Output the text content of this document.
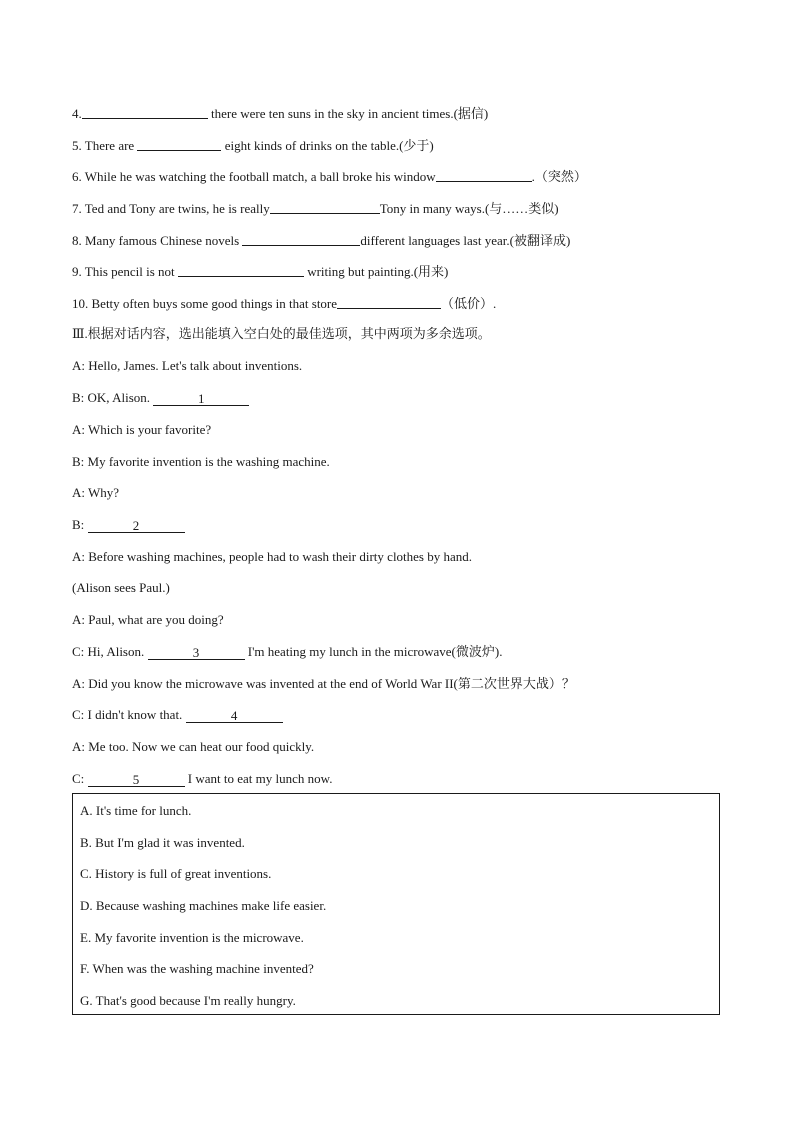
4.	there were ten suns in the sky in ancient times.(据信)
5. There are	eight kinds of drinks on the table.(少于)
6. While he was watching the football match, a ball broke his window	.（突然）
7. Ted and Tony are twins, he is really	Tony in many ways.(与……类似)
8. Many famous Chinese novels	different languages last year.(被翻译成)
9. This pencil is not	writing but painting.(用来)
10. Betty often buys some good things in that store	（低价）.
Ⅲ.根据对话内容，选出能填入空白处的最佳选项，其中两项为多余选项。
A: Hello, James. Let's talk about inventions.
B: OK, Alison.	1
A: Which is your favorite?
B: My favorite invention is the washing machine.
A: Why?
B:	2
A: Before washing machines, people had to wash their dirty clothes by hand.
(Alison sees Paul.)
A: Paul, what are you doing?
C: Hi, Alison.	3	I'm heating my lunch in the microwave(微波炉).
A: Did you know the microwave was invented at the end of World War II(第二次世界大战）？
C: I didn't know that.	4
A: Me too. Now we can heat our food quickly.
C:	5	I want to eat my lunch now.
A. It's time for lunch.
B. But I'm glad it was invented.
C. History is full of great inventions.
D. Because washing machines make life easier.
E. My favorite invention is the microwave.
F. When was the washing machine invented?
G. That's good because I'm really hungry.
